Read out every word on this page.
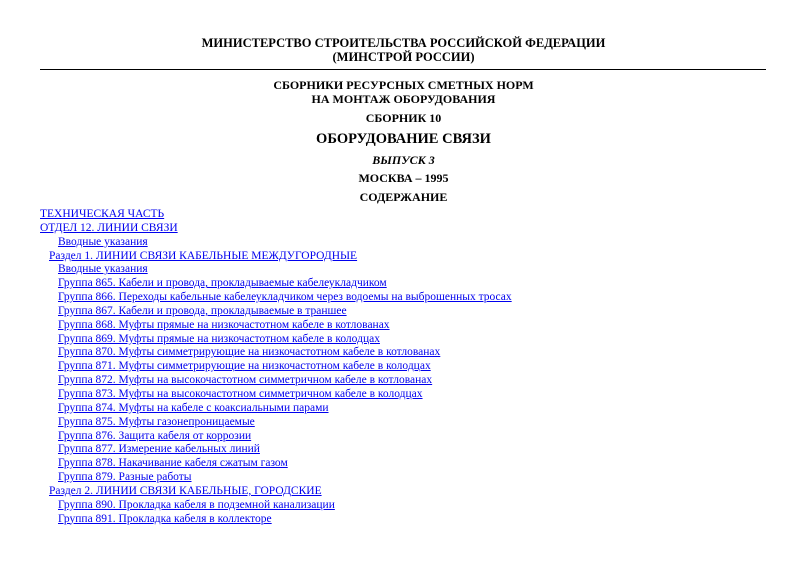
МИНИСТЕРСТВО СТРОИТЕЛЬСТВА РОССИЙСКОЙ ФЕДЕРАЦИИ
(МИНСТРОЙ РОССИИ)
СБОРНИКИ РЕСУРСНЫХ СМЕТНЫХ НОРМ
НА МОНТАЖ ОБОРУДОВАНИЯ
СБОРНИК 10
ОБОРУДОВАНИЕ СВЯЗИ
ВЫПУСК 3
МОСКВА – 1995
СОДЕРЖАНИЕ
ТЕХНИЧЕСКАЯ ЧАСТЬ
ОТДЕЛ 12. ЛИНИИ СВЯЗИ
Вводные указания
Раздел 1. ЛИНИИ СВЯЗИ КАБЕЛЬНЫЕ МЕЖДУГОРОДНЫЕ
Вводные указания
Группа 865. Кабели и провода, прокладываемые кабелеукладчиком
Группа 866. Переходы кабельные кабелеукладчиком через водоемы на выброшенных тросах
Группа 867. Кабели и провода, прокладываемые в траншее
Группа 868. Муфты прямые на низкочастотном кабеле в котлованах
Группа 869. Муфты прямые на низкочастотном кабеле в колодцах
Группа 870. Муфты симметрирующие на низкочастотном кабеле в котлованах
Группа 871. Муфты симметрирующие на низкочастотном кабеле в колодцах
Группа 872. Муфты на высокочастотном симметричном кабеле в котлованах
Группа 873. Муфты на высокочастотном симметричном кабеле в колодцах
Группа 874. Муфты на кабеле с коаксиальными парами
Группа 875. Муфты газонепроницаемые
Группа 876. Защита кабеля от коррозии
Группа 877. Измерение кабельных линий
Группа 878. Накачивание кабеля сжатым газом
Группа 879. Разные работы
Раздел 2. ЛИНИИ СВЯЗИ КАБЕЛЬНЫЕ, ГОРОДСКИЕ
Группа 890. Прокладка кабеля в подземной канализации
Группа 891. Прокладка кабеля в коллекторе
